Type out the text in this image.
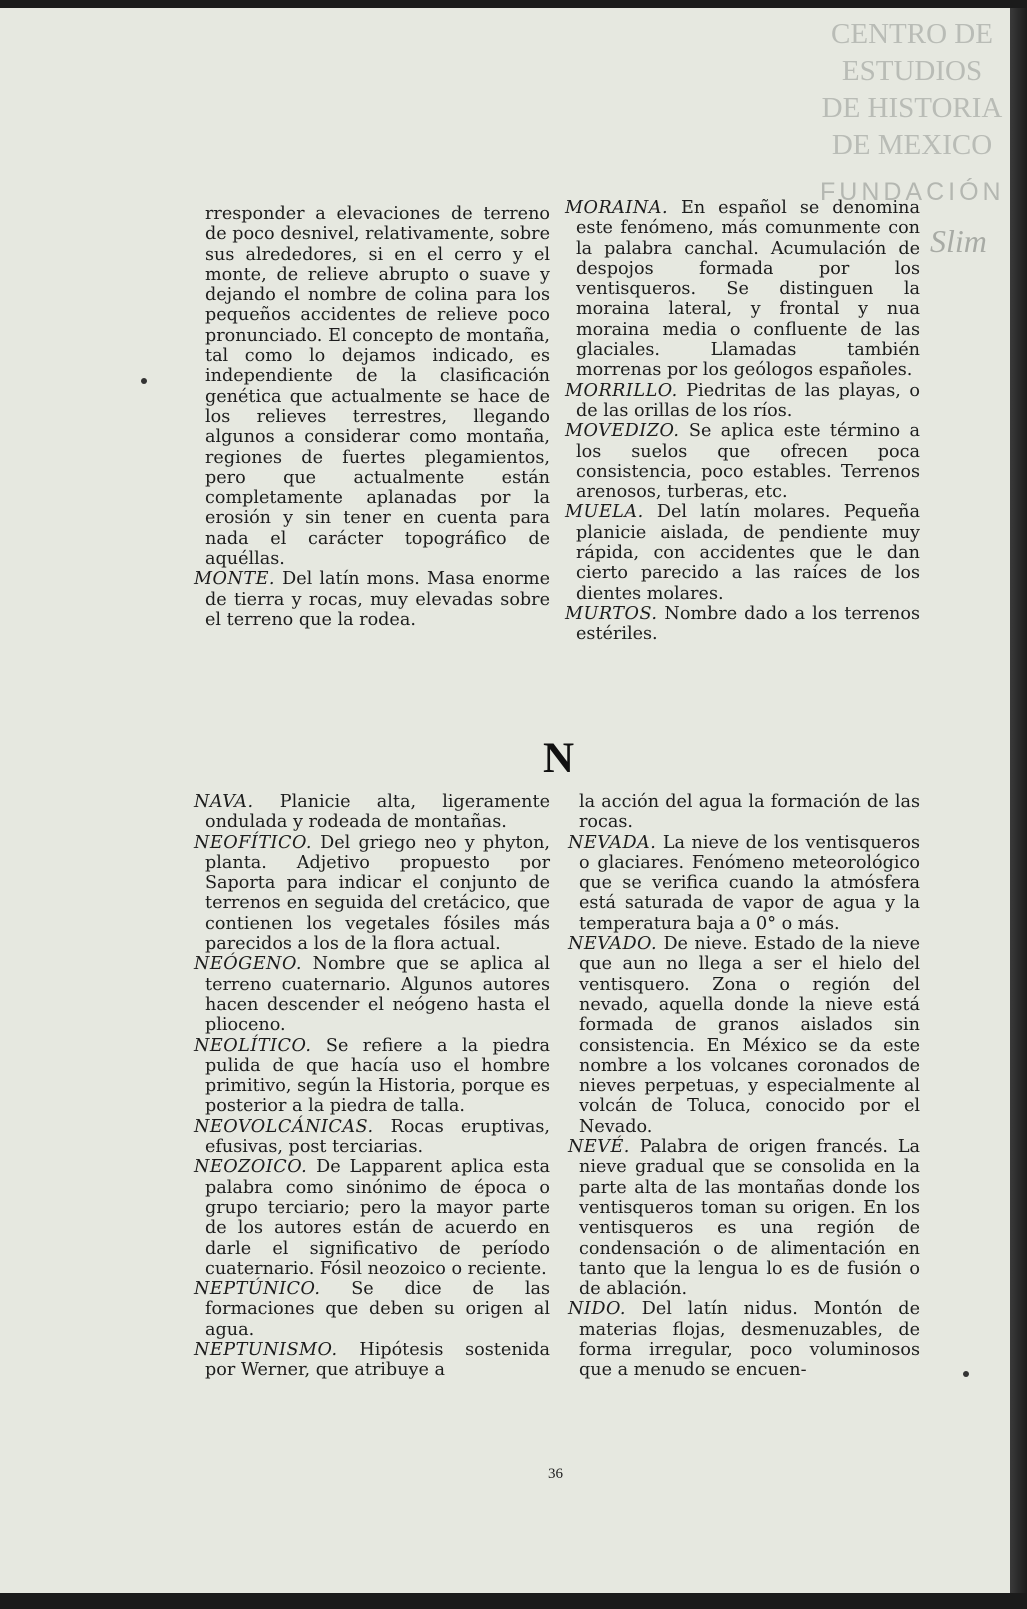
CENTRO DE
ESTUDIOS
DE HISTORIA
DE MEXICO
FUNDACIÓN
Slim

rresponder a elevaciones de terreno de poco desnivel, relativamente, sobre sus alrededores, si en el cerro y el monte, de relieve abrupto o suave y dejando el nombre de colina para los pequeños accidentes de relieve poco pronunciado. El concepto de montaña, tal como lo dejamos indicado, es independiente de la clasificación genética que actualmente se hace de los relieves terrestres, llegando algunos a considerar como montaña, regiones de fuertes plegamientos, pero que actualmente están completamente aplanadas por la erosión y sin tener en cuenta para nada el carácter topográfico de aquéllas.

MONTE. Del latín mons. Masa enorme de tierra y rocas, muy elevadas sobre el terreno que la rodea.

MORAINA. En español se denomina este fenómeno, más comunmente con la palabra canchal. Acumulación de despojos formada por los ventisqueros. Se distinguen la moraina lateral, y frontal y nua moraina media o confluente de las glaciales. Llamadas también morrenas por los geólogos españoles.

MORRILLO. Piedritas de las playas, o de las orillas de los ríos.

MOVEDIZO. Se aplica este término a los suelos que ofrecen poca consistencia, poco estables. Terrenos arenosos, turberas, etc.

MUELA. Del latín molares. Pequeña planicie aislada, de pendiente muy rápida, con accidentes que le dan cierto parecido a las raíces de los dientes molares.

MURTOS. Nombre dado a los terrenos estériles.

N

NAVA. Planicie alta, ligeramente ondulada y rodeada de montañas.

NEOFÍTICO. Del griego neo y phyton, planta. Adjetivo propuesto por Saporta para indicar el conjunto de terrenos en seguida del cretácico, que contienen los vegetales fósiles más parecidos a los de la flora actual.

NEÓGENO. Nombre que se aplica al terreno cuaternario. Algunos autores hacen descender el neógeno hasta el plioceno.

NEOLÍTICO. Se refiere a la piedra pulida de que hacía uso el hombre primitivo, según la Historia, porque es posterior a la piedra de talla.

NEOVOLCÁNICAS. Rocas eruptivas, efusivas, post terciarias.

NEOZOICO. De Lapparent aplica esta palabra como sinónimo de época o grupo terciario; pero la mayor parte de los autores están de acuerdo en darle el significativo de período cuaternario. Fósil neozoico o reciente.

NEPTÚNICO. Se dice de las formaciones que deben su origen al agua.

NEPTUNISMO. Hipótesis sostenida por Werner, que atribuye a

la acción del agua la formación de las rocas.

NEVADA. La nieve de los ventisqueros o glaciares. Fenómeno meteorológico que se verifica cuando la atmósfera está saturada de vapor de agua y la temperatura baja a 0° o más.

NEVADO. De nieve. Estado de la nieve que aun no llega a ser el hielo del ventisquero. Zona o región del nevado, aquella donde la nieve está formada de granos aislados sin consistencia. En México se da este nombre a los volcanes coronados de nieves perpetuas, y especialmente al volcán de Toluca, conocido por el Nevado.

NEVÉ. Palabra de origen francés. La nieve gradual que se consolida en la parte alta de las montañas donde los ventisqueros toman su origen. En los ventisqueros es una región de condensación o de alimentación en tanto que la lengua lo es de fusión o de ablación.

NIDO. Del latín nidus. Montón de materias flojas, desmenuzables, de forma irregular, poco voluminosos que a menudo se encuen-

36
